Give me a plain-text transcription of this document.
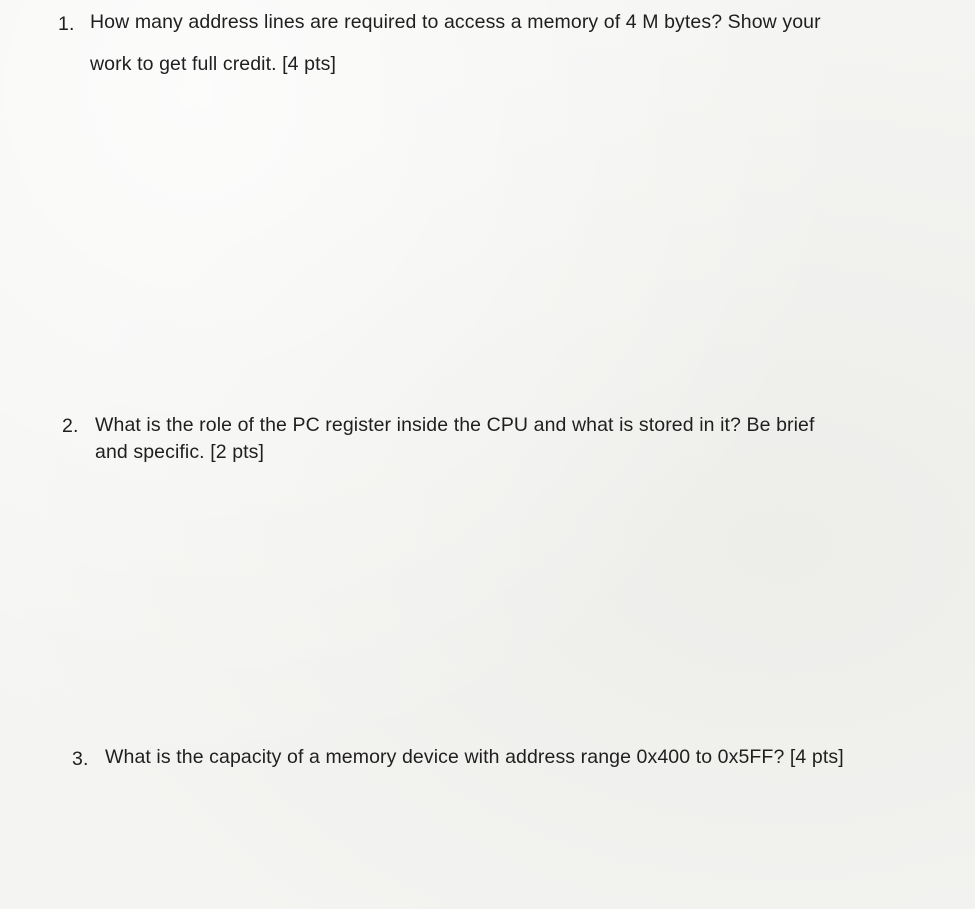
1. How many address lines are required to access a memory of 4 M bytes? Show your
work to get full credit. [4 pts]
2. What is the role of the PC register inside the CPU and what is stored in it? Be brief
and specific. [2 pts]
3. What is the capacity of a memory device with address range 0x400 to 0x5FF? [4 pts]
